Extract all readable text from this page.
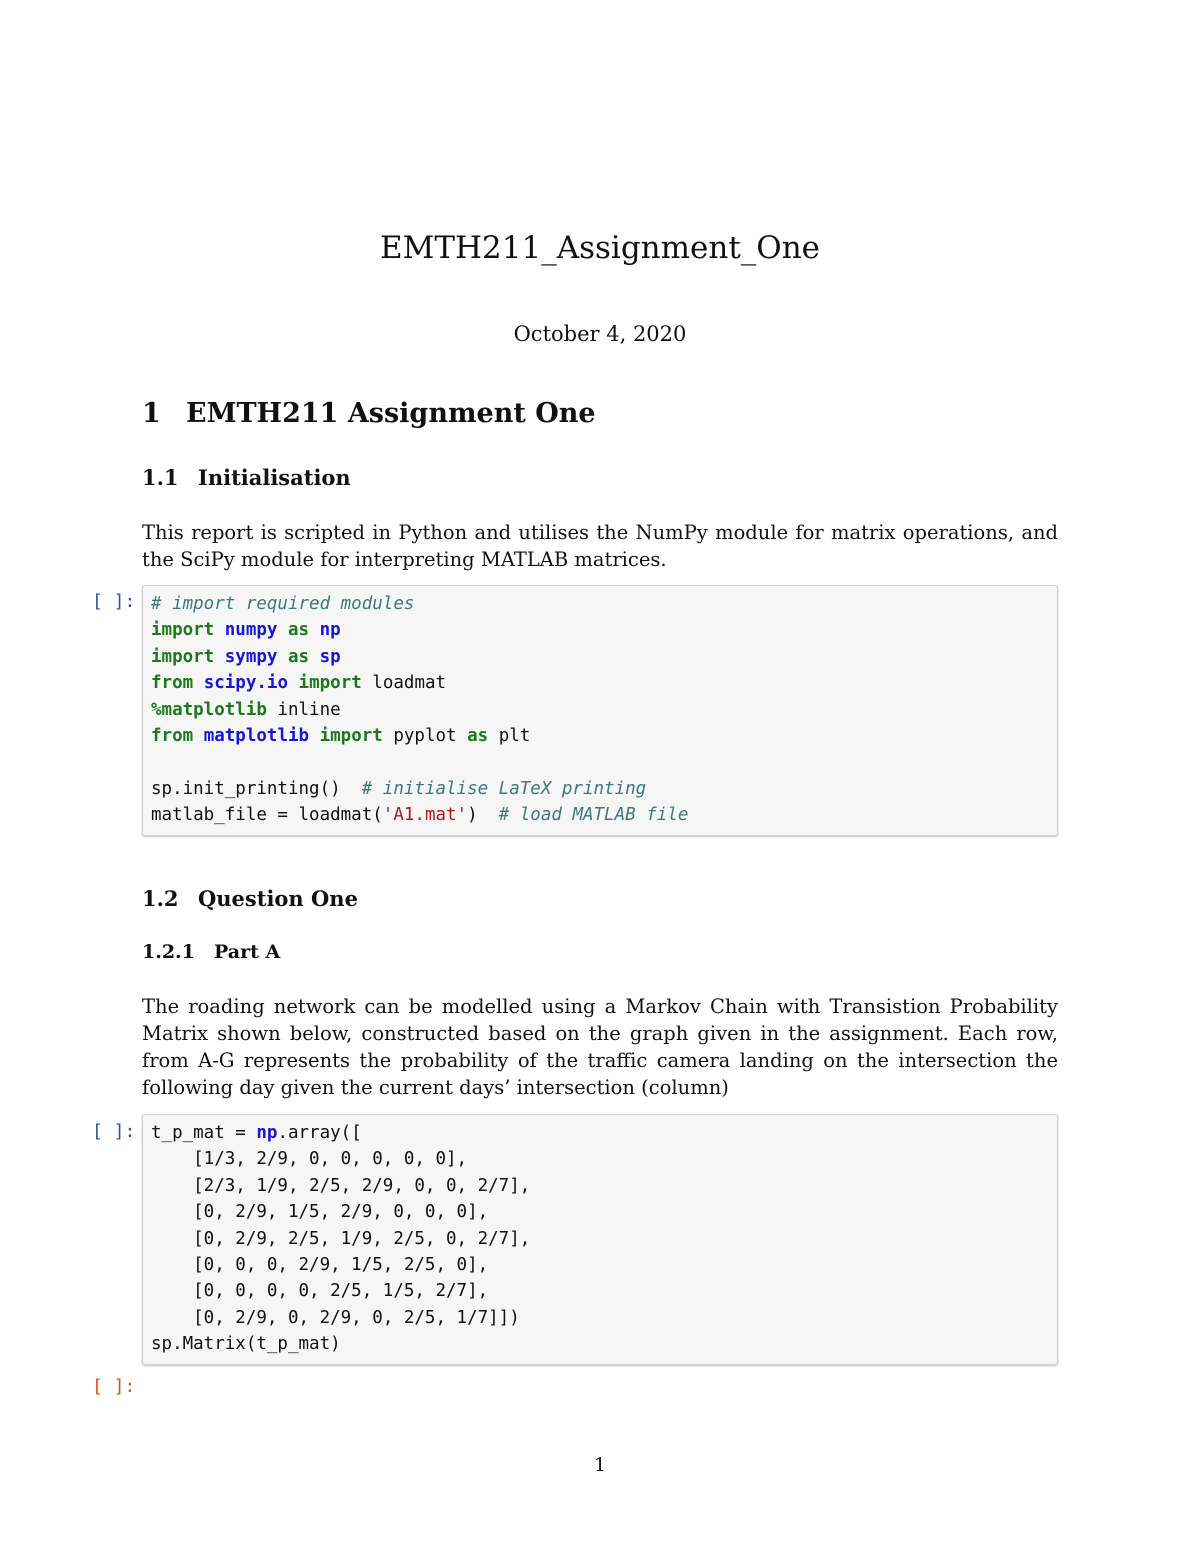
EMTH211_Assignment_One
October 4, 2020
1 EMTH211 Assignment One
1.1 Initialisation
This report is scripted in Python and utilises the NumPy module for matrix operations, and the SciPy module for interpreting MATLAB matrices.
[ ]: # import required modules
import numpy as np
import sympy as sp
from scipy.io import loadmat
%matplotlib inline
from matplotlib import pyplot as plt
sp.init_printing()  # initialise LaTeX printing
matlab_file = loadmat('A1.mat')  # load MATLAB file
1.2 Question One
1.2.1 Part A
The roading network can be modelled using a Markov Chain with Transistion Probability Matrix shown below, constructed based on the graph given in the assignment. Each row, from A-G represents the probability of the traffic camera landing on the intersection the following day given the current days’ intersection (column)
[ ]: t_p_mat = np.array([
[1/3, 2/9, 0, 0, 0, 0, 0],
[2/3, 1/9, 2/5, 2/9, 0, 0, 2/7],
[0, 2/9, 1/5, 2/9, 0, 0, 0],
[0, 2/9, 2/5, 1/9, 2/5, 0, 2/7],
[0, 0, 0, 2/9, 1/5, 2/5, 0],
[0, 0, 0, 0, 2/5, 1/5, 2/7],
[0, 2/9, 0, 2/9, 0, 2/5, 1/7]])
sp.Matrix(t_p_mat)
[ ]:
1
